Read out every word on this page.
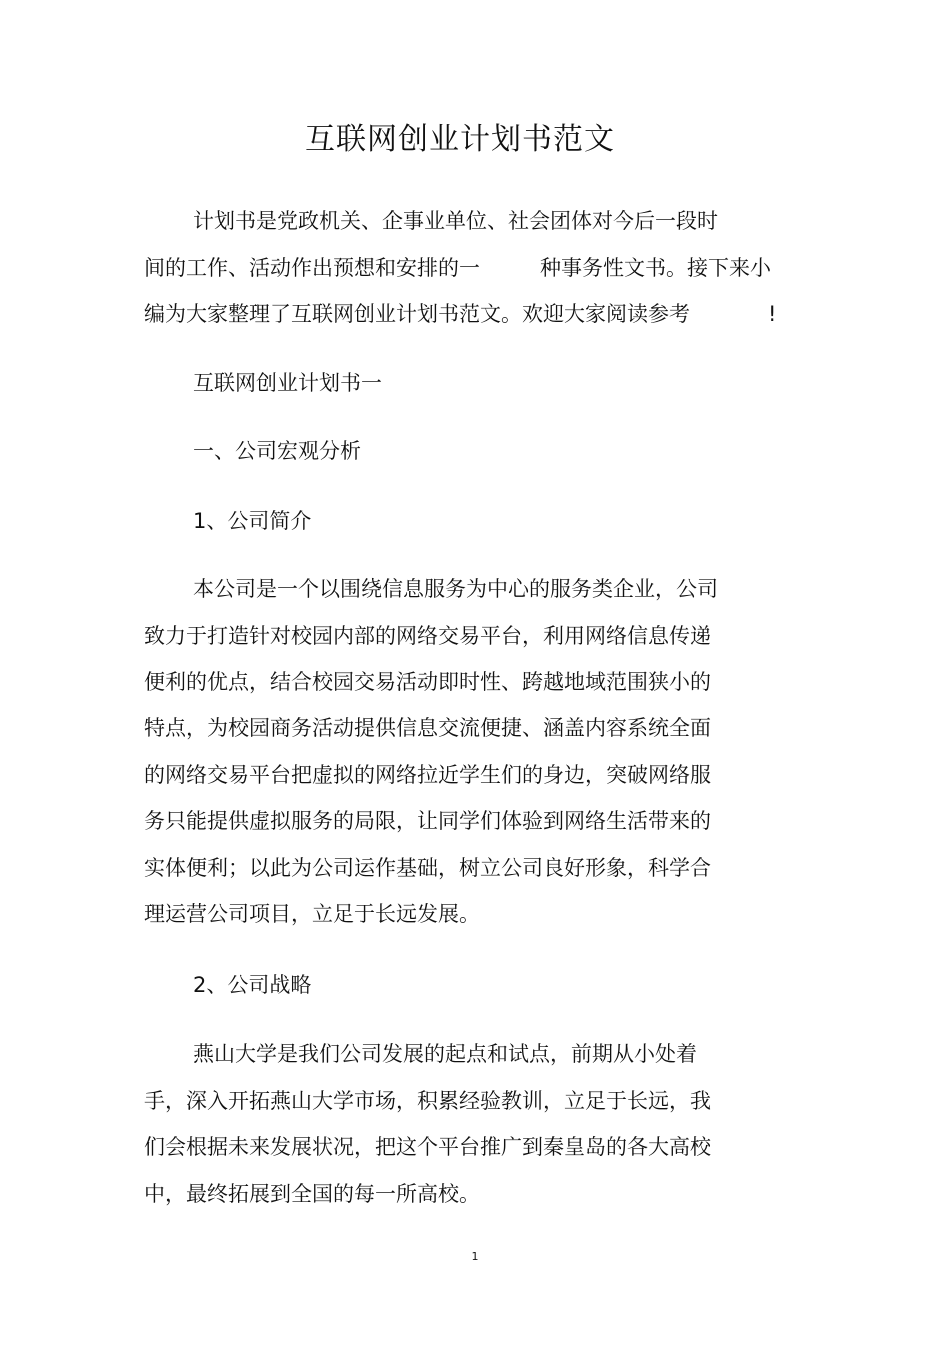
互联网创业计划书范文
计划书是党政机关、企事业单位、社会团体对今后一段时
间的工作、活动作出预想和安排的一	种事务性文书。接下来小
编为大家整理了互联网创业计划书范文。欢迎大家阅读参考	!
互联网创业计划书一
一、公司宏观分析
1、公司简介
本公司是一个以围绕信息服务为中心的服务类企业，公司
致力于打造针对校园内部的网络交易平台，利用网络信息传递
便利的优点，结合校园交易活动即时性、跨越地域范围狭小的
特点，为校园商务活动提供信息交流便捷、涵盖内容系统全面
的网络交易平台把虚拟的网络拉近学生们的身边，突破网络服
务只能提供虚拟服务的局限，让同学们体验到网络生活带来的
实体便利；以此为公司运作基础，树立公司良好形象，科学合
理运营公司项目，立足于长远发展。
2、公司战略
燕山大学是我们公司发展的起点和试点，前期从小处着
手，深入开拓燕山大学市场，积累经验教训，立足于长远，我
们会根据未来发展状况，把这个平台推广到秦皇岛的各大高校
中，最终拓展到全国的每一所高校。
1
